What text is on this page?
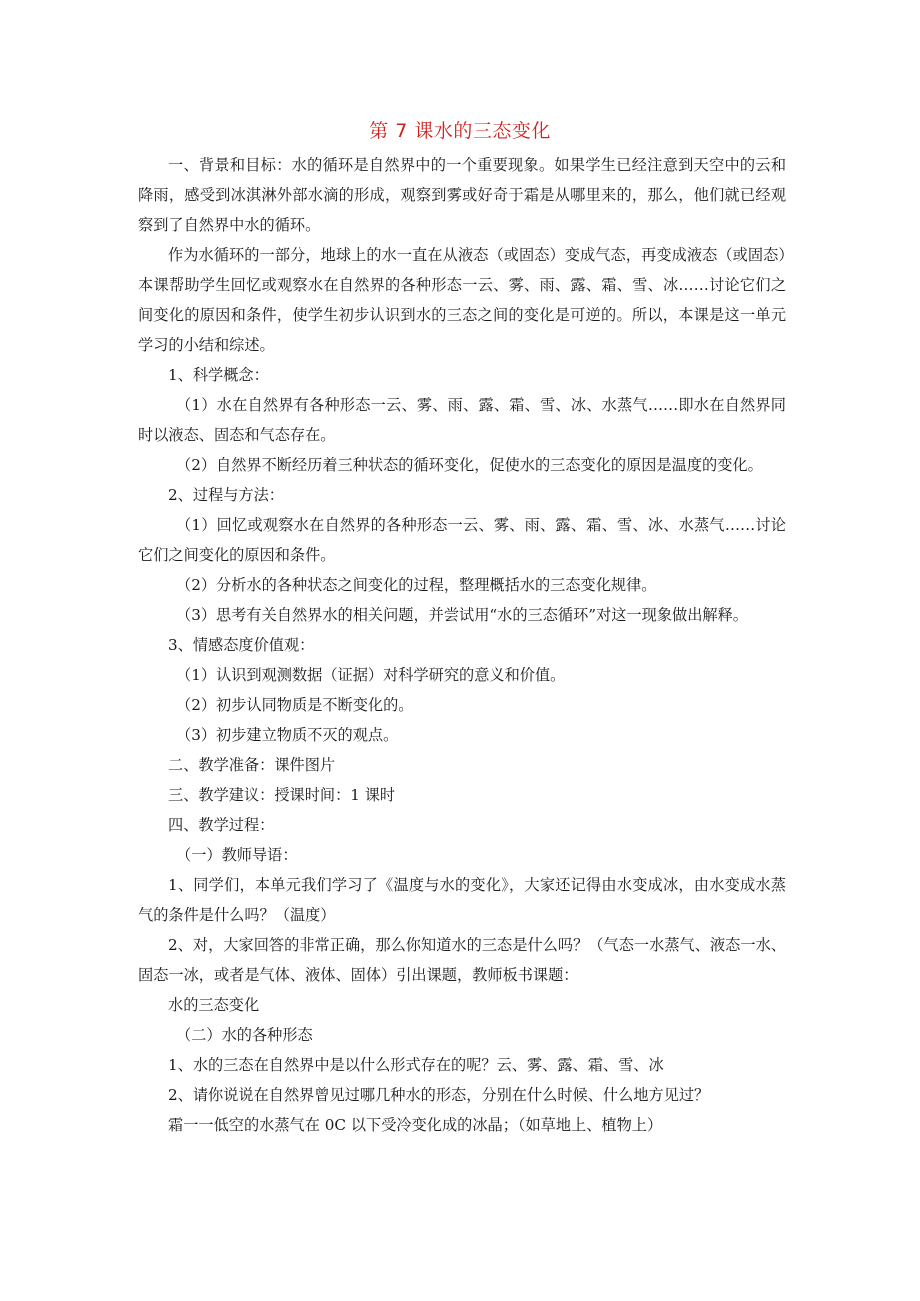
第 7 课水的三态变化

一、背景和目标：水的循环是自然界中的一个重要现象。如果学生已经注意到天空中的云和降雨，感受到冰淇淋外部水滴的形成，观察到雾或好奇于霜是从哪里来的，那么，他们就已经观察到了自然界中水的循环。

作为水循环的一部分，地球上的水一直在从液态（或固态）变成气态，再变成液态（或固态）本课帮助学生回忆或观察水在自然界的各种形态一云、雾、雨、露、霜、雪、冰……讨论它们之间变化的原因和条件，使学生初步认识到水的三态之间的变化是可逆的。所以，本课是这一单元学习的小结和综述。

1、科学概念：

（1）水在自然界有各种形态一云、雾、雨、露、霜、雪、冰、水蒸气……即水在自然界同时以液态、固态和气态存在。

（2）自然界不断经历着三种状态的循环变化，促使水的三态变化的原因是温度的变化。

2、过程与方法：

（1）回忆或观察水在自然界的各种形态一云、雾、雨、露、霜、雪、冰、水蒸气……讨论它们之间变化的原因和条件。

（2）分析水的各种状态之间变化的过程，整理概括水的三态变化规律。

（3）思考有关自然界水的相关问题，并尝试用“水的三态循环”对这一现象做出解释。

3、情感态度价值观：

（1）认识到观测数据（证据）对科学研究的意义和价值。

（2）初步认同物质是不断变化的。

（3）初步建立物质不灭的观点。

二、教学准备：课件图片

三、教学建议：授课时间：1 课时

四、教学过程：

（一）教师导语：

1、同学们，本单元我们学习了《温度与水的变化》，大家还记得由水变成冰，由水变成水蒸气的条件是什么吗？（温度）

2、对，大家回答的非常正确，那么你知道水的三态是什么吗？（气态一水蒸气、液态一水、固态一冰，或者是气体、液体、固体）引出课题，教师板书课题：

水的三态变化

（二）水的各种形态

1、水的三态在自然界中是以什么形式存在的呢？云、雾、露、霜、雪、冰

2、请你说说在自然界曾见过哪几种水的形态，分别在什么时候、什么地方见过？

霜一一低空的水蒸气在 0C 以下受冷变化成的冰晶；（如草地上、植物上）
